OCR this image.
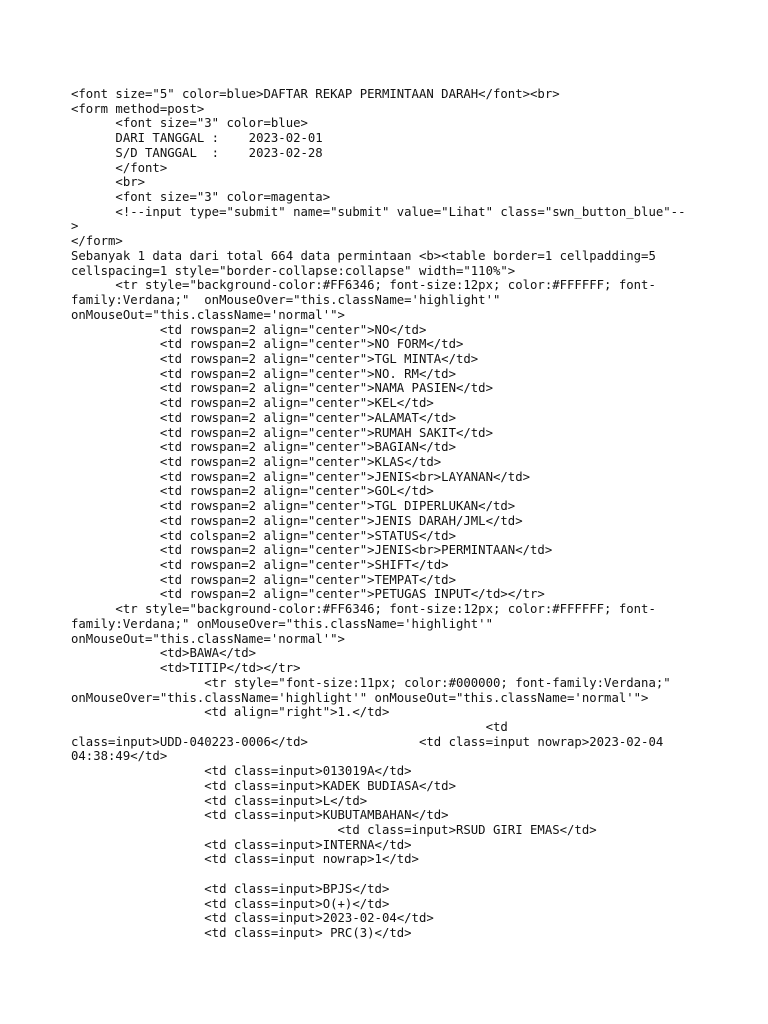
<font size="5" color=blue>DAFTAR REKAP PERMINTAAN DARAH</font><br>
<form method=post>
<font size="3" color=blue>
DARI TANGGAL :    2023-02-01
S/D TANGGAL  :    2023-02-28
</font>
<br>
<font size="3" color=magenta>
<!--input type="submit" name="submit" value="Lihat" class="swn_button_blue"--
>
</form>
Sebanyak 1 data dari total 664 data permintaan <b><table border=1 cellpadding=5
cellspacing=1 style="border-collapse:collapse" width="110%">
<tr style="background-color:#FF6346; font-size:12px; color:#FFFFFF; font-
family:Verdana;"  onMouseOver="this.className='highlight'"
onMouseOut="this.className='normal'">
<td rowspan=2 align="center">NO</td>
<td rowspan=2 align="center">NO FORM</td>
<td rowspan=2 align="center">TGL MINTA</td>
<td rowspan=2 align="center">NO. RM</td>
<td rowspan=2 align="center">NAMA PASIEN</td>
<td rowspan=2 align="center">KEL</td>
<td rowspan=2 align="center">ALAMAT</td>
<td rowspan=2 align="center">RUMAH SAKIT</td>
<td rowspan=2 align="center">BAGIAN</td>
<td rowspan=2 align="center">KLAS</td>
<td rowspan=2 align="center">JENIS<br>LAYANAN</td>
<td rowspan=2 align="center">GOL</td>
<td rowspan=2 align="center">TGL DIPERLUKAN</td>
<td rowspan=2 align="center">JENIS DARAH/JML</td>
<td colspan=2 align="center">STATUS</td>
<td rowspan=2 align="center">JENIS<br>PERMINTAAN</td>
<td rowspan=2 align="center">SHIFT</td>
<td rowspan=2 align="center">TEMPAT</td>
<td rowspan=2 align="center">PETUGAS INPUT</td></tr>
<tr style="background-color:#FF6346; font-size:12px; color:#FFFFFF; font-
family:Verdana;" onMouseOver="this.className='highlight'"
onMouseOut="this.className='normal'">
<td>BAWA</td>
<td>TITIP</td></tr>
<tr style="font-size:11px; color:#000000; font-family:Verdana;"
onMouseOver="this.className='highlight'" onMouseOut="this.className='normal'">
<td align="right">1.</td>
<td
class=input>UDD-040223-0006</td>               <td class=input nowrap>2023-02-04
04:38:49</td>
<td class=input>013019A</td>
<td class=input>KADEK BUDIASA</td>
<td class=input>L</td>
<td class=input>KUBUTAMBAHAN</td>
<td class=input>RSUD GIRI EMAS</td>
<td class=input>INTERNA</td>
<td class=input nowrap>1</td>
<td class=input>BPJS</td>
<td class=input>O(+)</td>
<td class=input>2023-02-04</td>
<td class=input> PRC(3)</td>
